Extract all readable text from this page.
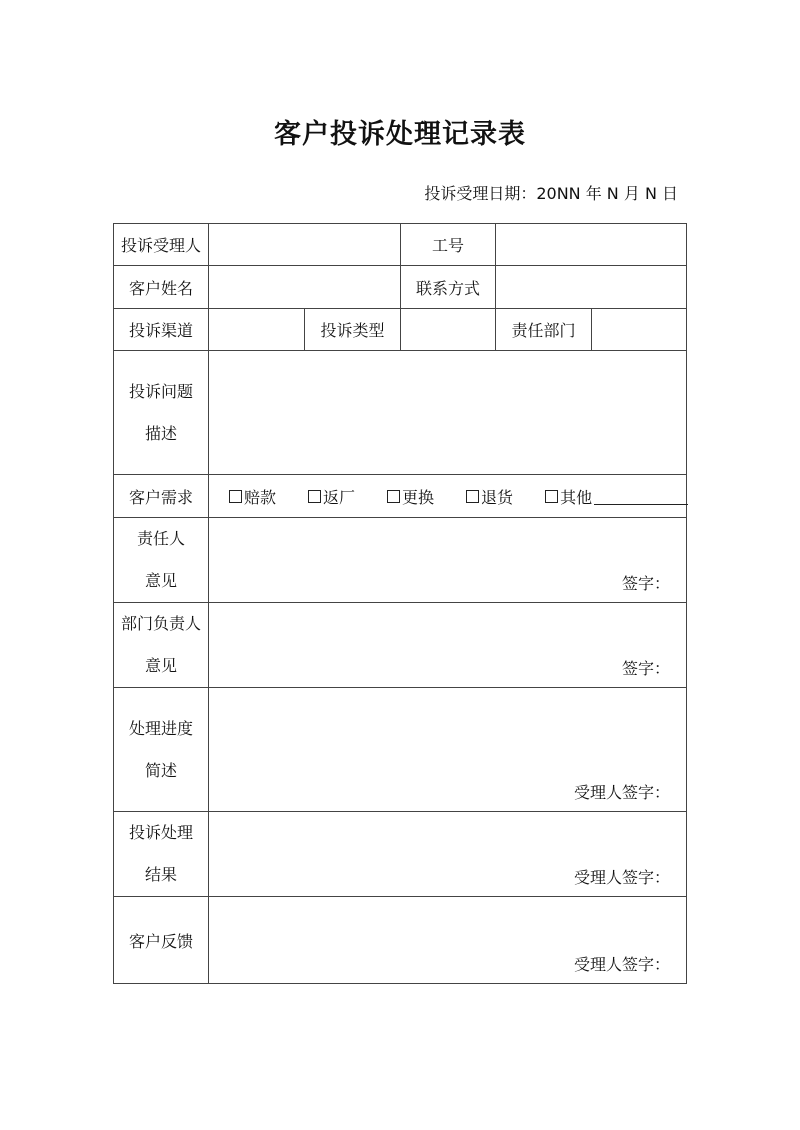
客户投诉处理记录表
投诉受理日期：20NN 年 N 月 N 日
投诉受理人			工号		
客户姓名			联系方式		
投诉渠道		投诉类型		责任部门	

投诉问题
描述					

客户需求	赔款 返厂 更换 退货 其他				

责任人
意见	签字：				

部门负责人
意见	签字：				

处理进度
简述	受理人签字：				

投诉处理
结果	受理人签字：				

客户反馈	受理人签字：				
